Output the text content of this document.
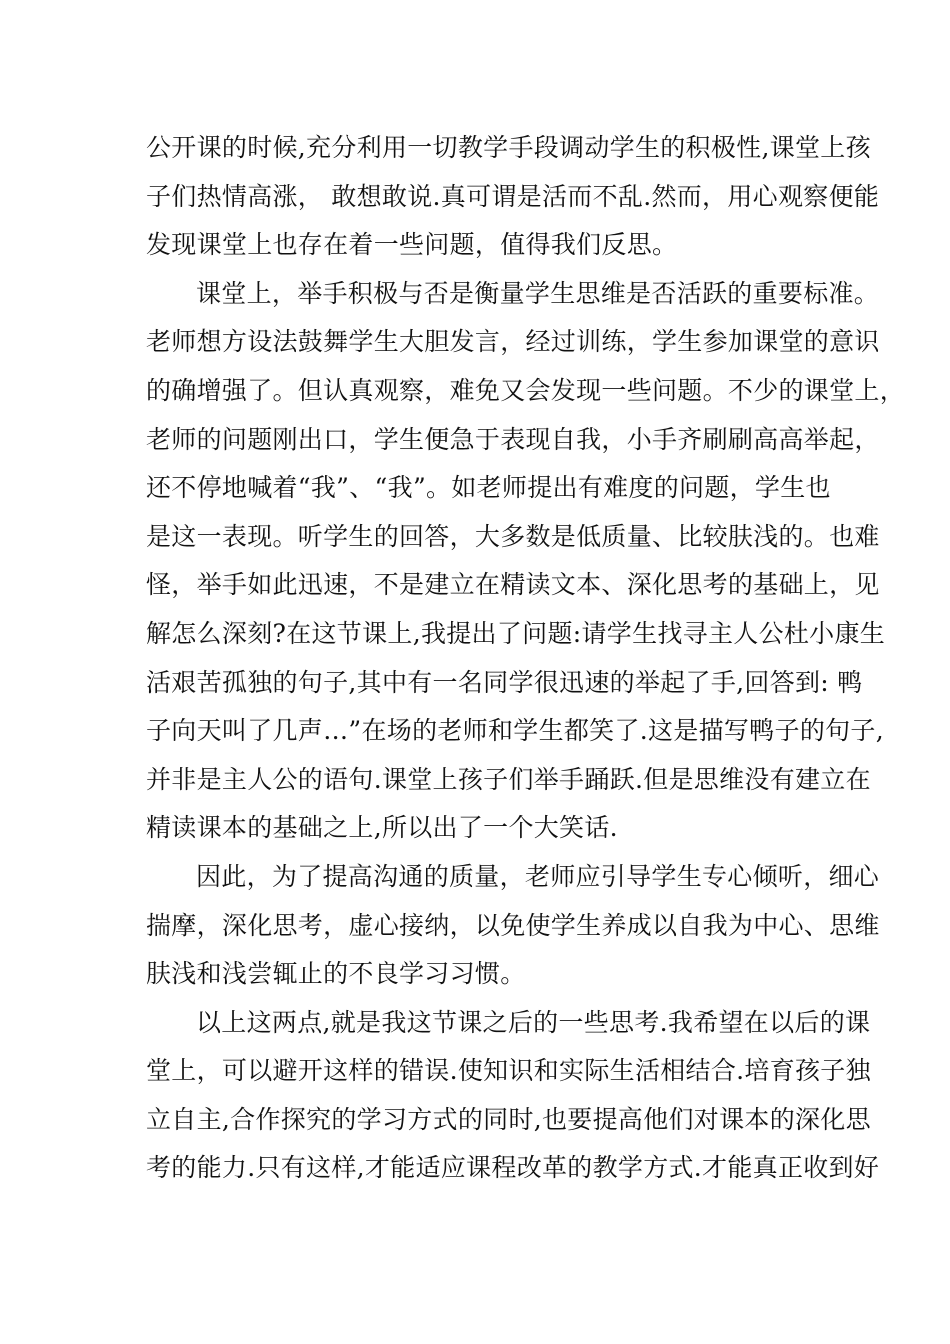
公开课的时候,充分利用一切教学手段调动学生的积极性,课堂上孩
子们热情高涨， 敢想敢说.真可谓是活而不乱.然而，用心观察便能
发现课堂上也存在着一些问题，值得我们反思。
课堂上，举手积极与否是衡量学生思维是否活跃的重要标准。
老师想方设法鼓舞学生大胆发言，经过训练，学生参加课堂的意识
的确增强了。但认真观察，难免又会发现一些问题。不少的课堂上，
老师的问题刚出口，学生便急于表现自我，小手齐刷刷高高举起，
还不停地喊着“我”、“我”。如老师提出有难度的问题，学生也
是这一表现。听学生的回答，大多数是低质量、比较肤浅的。也难
怪，举手如此迅速，不是建立在精读文本、深化思考的基础上，见
解怎么深刻?在这节课上,我提出了问题:请学生找寻主人公杜小康生
活艰苦孤独的句子,其中有一名同学很迅速的举起了手,回答到: 鸭
子向天叫了几声…”在场的老师和学生都笑了.这是描写鸭子的句子,
并非是主人公的语句.课堂上孩子们举手踊跃.但是思维没有建立在
精读课本的基础之上,所以出了一个大笑话.
因此，为了提高沟通的质量，老师应引导学生专心倾听，细心
揣摩，深化思考，虚心接纳，以免使学生养成以自我为中心、思维
肤浅和浅尝辄止的不良学习习惯。
以上这两点,就是我这节课之后的一些思考.我希望在以后的课
堂上，可以避开这样的错误.使知识和实际生活相结合.培育孩子独
立自主,合作探究的学习方式的同时,也要提高他们对课本的深化思
考的能力.只有这样,才能适应课程改革的教学方式.才能真正收到好
